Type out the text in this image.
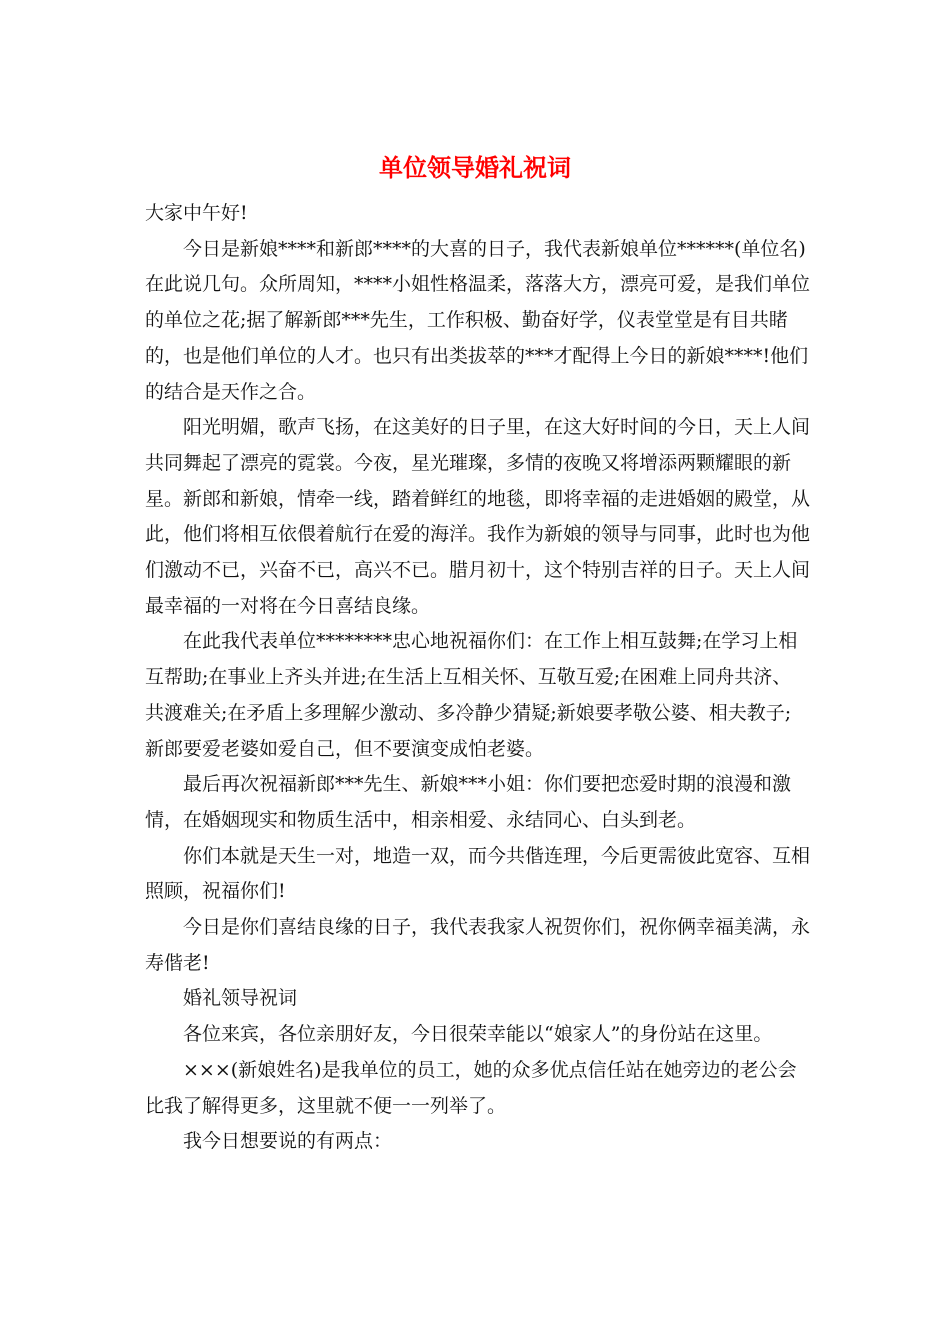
单位领导婚礼祝词

大家中午好!

今日是新娘****和新郎****的大喜的日子，我代表新娘单位******(单位名)在此说几句。众所周知，****小姐性格温柔，落落大方，漂亮可爱，是我们单位的单位之花;据了解新郎***先生，工作积极、勤奋好学，仪表堂堂是有目共睹的，也是他们单位的人才。也只有出类拔萃的***才配得上今日的新娘****!他们的结合是天作之合。

阳光明媚，歌声飞扬，在这美好的日子里，在这大好时间的今日，天上人间共同舞起了漂亮的霓裳。今夜，星光璀璨，多情的夜晚又将增添两颗耀眼的新星。新郎和新娘，情牵一线，踏着鲜红的地毯，即将幸福的走进婚姻的殿堂，从此，他们将相互依偎着航行在爱的海洋。我作为新娘的领导与同事，此时也为他们激动不已，兴奋不已，高兴不已。腊月初十，这个特别吉祥的日子。天上人间最幸福的一对将在今日喜结良缘。

在此我代表单位********忠心地祝福你们：在工作上相互鼓舞;在学习上相互帮助;在事业上齐头并进;在生活上互相关怀、互敬互爱;在困难上同舟共济、共渡难关;在矛盾上多理解少激动、多冷静少猜疑;新娘要孝敬公婆、相夫教子;新郎要爱老婆如爱自己，但不要演变成怕老婆。

最后再次祝福新郎***先生、新娘***小姐：你们要把恋爱时期的浪漫和激情，在婚姻现实和物质生活中，相亲相爱、永结同心、白头到老。

你们本就是天生一对，地造一双，而今共偕连理，今后更需彼此宽容、互相照顾，祝福你们!

今日是你们喜结良缘的日子，我代表我家人祝贺你们，祝你俩幸福美满，永寿偕老!

婚礼领导祝词

各位来宾，各位亲朋好友，今日很荣幸能以“娘家人”的身份站在这里。

×××(新娘姓名)是我单位的员工，她的众多优点信任站在她旁边的老公会比我了解得更多，这里就不便一一列举了。

我今日想要说的有两点：
